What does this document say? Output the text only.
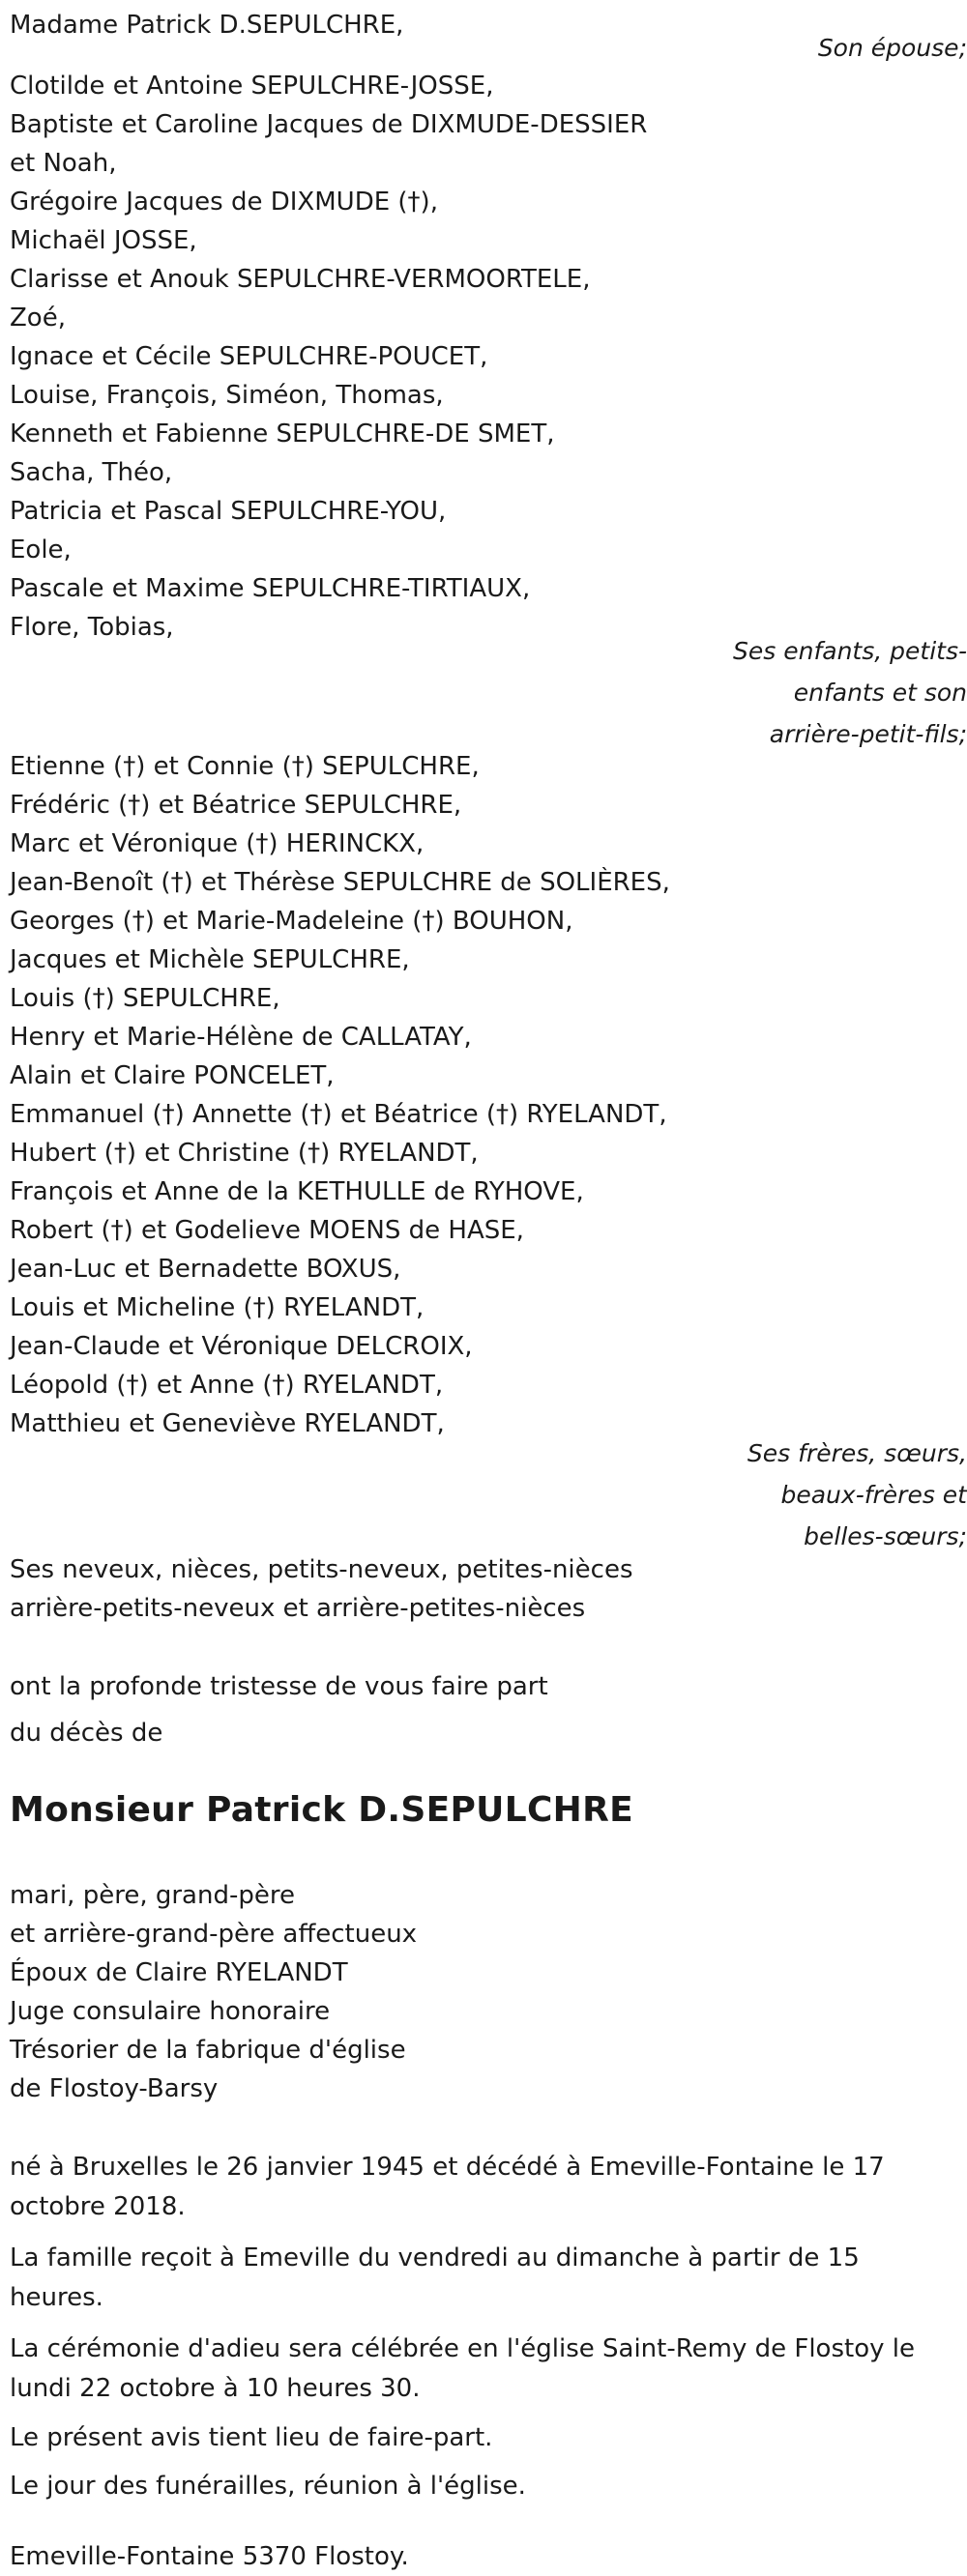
Madame Patrick D.SEPULCHRE,
Son épouse;
Clotilde et Antoine SEPULCHRE-JOSSE,
Baptiste et Caroline Jacques de DIXMUDE-DESSIER
et Noah,
Grégoire Jacques de DIXMUDE (†),
Michaël JOSSE,
Clarisse et Anouk SEPULCHRE-VERMOORTELE,
Zoé,
Ignace et Cécile SEPULCHRE-POUCET,
Louise, François, Siméon, Thomas,
Kenneth et Fabienne SEPULCHRE-DE SMET,
Sacha, Théo,
Patricia et Pascal SEPULCHRE-YOU,
Eole,
Pascale et Maxime SEPULCHRE-TIRTIAUX,
Flore, Tobias,
Ses enfants, petits-
enfants et son
arrière-petit-fils;
Etienne (†) et Connie (†) SEPULCHRE,
Frédéric (†) et Béatrice SEPULCHRE,
Marc et Véronique (†) HERINCKX,
Jean-Benoît (†) et Thérèse SEPULCHRE de SOLIÈRES,
Georges (†) et Marie-Madeleine (†) BOUHON,
Jacques et Michèle SEPULCHRE,
Louis (†) SEPULCHRE,
Henry et Marie-Hélène de CALLATAY,
Alain et Claire PONCELET,
Emmanuel (†) Annette (†) et Béatrice (†) RYELANDT,
Hubert (†) et Christine (†) RYELANDT,
François et Anne de la KETHULLE de RYHOVE,
Robert (†) et Godelieve MOENS de HASE,
Jean-Luc et Bernadette BOXUS,
Louis et Micheline (†) RYELANDT,
Jean-Claude et Véronique DELCROIX,
Léopold (†) et Anne (†) RYELANDT,
Matthieu et Geneviève RYELANDT,
Ses frères, sœurs,
beaux-frères et
belles-sœurs;
Ses neveux, nièces, petits-neveux, petites-nièces
arrière-petits-neveux et arrière-petites-nièces
ont la profonde tristesse de vous faire part
du décès de
Monsieur Patrick D.SEPULCHRE
mari, père, grand-père
et arrière-grand-père affectueux
Époux de Claire RYELANDT
Juge consulaire honoraire
Trésorier de la fabrique d'église
de Flostoy-Barsy
né à Bruxelles le 26 janvier 1945 et décédé à Emeville-Fontaine le 17 octobre 2018.
La famille reçoit à Emeville du vendredi au dimanche à partir de 15 heures.
La cérémonie d'adieu sera célébrée en l'église Saint-Remy de Flostoy le lundi 22 octobre à 10 heures 30.
Le présent avis tient lieu de faire-part.
Le jour des funérailles, réunion à l'église.
Emeville-Fontaine 5370 Flostoy.
